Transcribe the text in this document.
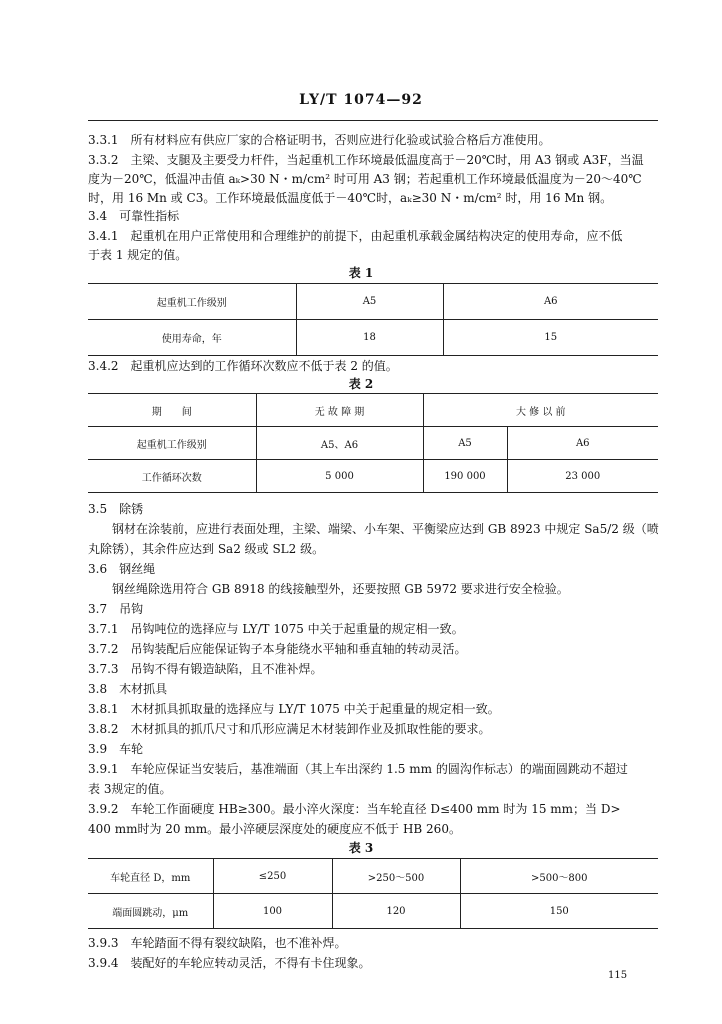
LY/T 1074—92
3.3.1　所有材料应有供应厂家的合格证明书，否则应进行化验或试验合格后方准使用。
3.3.2　主梁、支腿及主要受力杆件，当起重机工作环境最低温度高于－20℃时，用 A3 钢或 A3F，当温
度为－20℃，低温冲击值 aₖ>30 N・m/cm² 时可用 A3 钢；若起重机工作环境最低温度为－20～40℃
时，用 16 Mn 或 C3。工作环境最低温度低于－40℃时，aₖ≥30 N・m/cm² 时，用 16 Mn 钢。
3.4　可靠性指标
3.4.1　起重机在用户正常使用和合理维护的前提下，由起重机承载金属结构决定的使用寿命，应不低
于表 1 规定的值。
表 1
起重机工作级别	A5	A6
使用寿命，年	18	15
3.4.2　起重机应达到的工作循环次数应不低于表 2 的值。
表 2
期　　间	无 故 障 期	大 修 以 前	
起重机工作级别	A5、A6	A5	A6
工作循环次数	5 000	190 000	23 000
3.5　除锈
钢材在涂装前，应进行表面处理，主梁、端梁、小车架、平衡梁应达到 GB 8923 中规定 Sa5/2 级（喷
丸除锈），其余件应达到 Sa2 级或 SL2 级。
3.6　钢丝绳
钢丝绳除选用符合 GB 8918 的线接触型外，还要按照 GB 5972 要求进行安全检验。
3.7　吊钩
3.7.1　吊钩吨位的选择应与 LY/T 1075 中关于起重量的规定相一致。
3.7.2　吊钩装配后应能保证钩子本身能绕水平轴和垂直轴的转动灵活。
3.7.3　吊钩不得有锻造缺陷，且不准补焊。
3.8　木材抓具
3.8.1　木材抓具抓取量的选择应与 LY/T 1075 中关于起重量的规定相一致。
3.8.2　木材抓具的抓爪尺寸和爪形应满足木材装卸作业及抓取性能的要求。
3.9　车轮
3.9.1　车轮应保证当安装后，基准端面（其上车出深约 1.5 mm 的圆沟作标志）的端面圆跳动不超过
表 3规定的值。
3.9.2　车轮工作面硬度 HB≥300。最小淬火深度：当车轮直径 D≤400 mm 时为 15 mm；当 D>
400 mm时为 20 mm。最小淬硬层深度处的硬度应不低于 HB 260。
表 3
车轮直径 D，mm	≤250	>250～500	>500～800
端面圆跳动，μm	100	120	150
3.9.3　车轮踏面不得有裂纹缺陷，也不准补焊。
3.9.4　装配好的车轮应转动灵活，不得有卡住现象。
115
